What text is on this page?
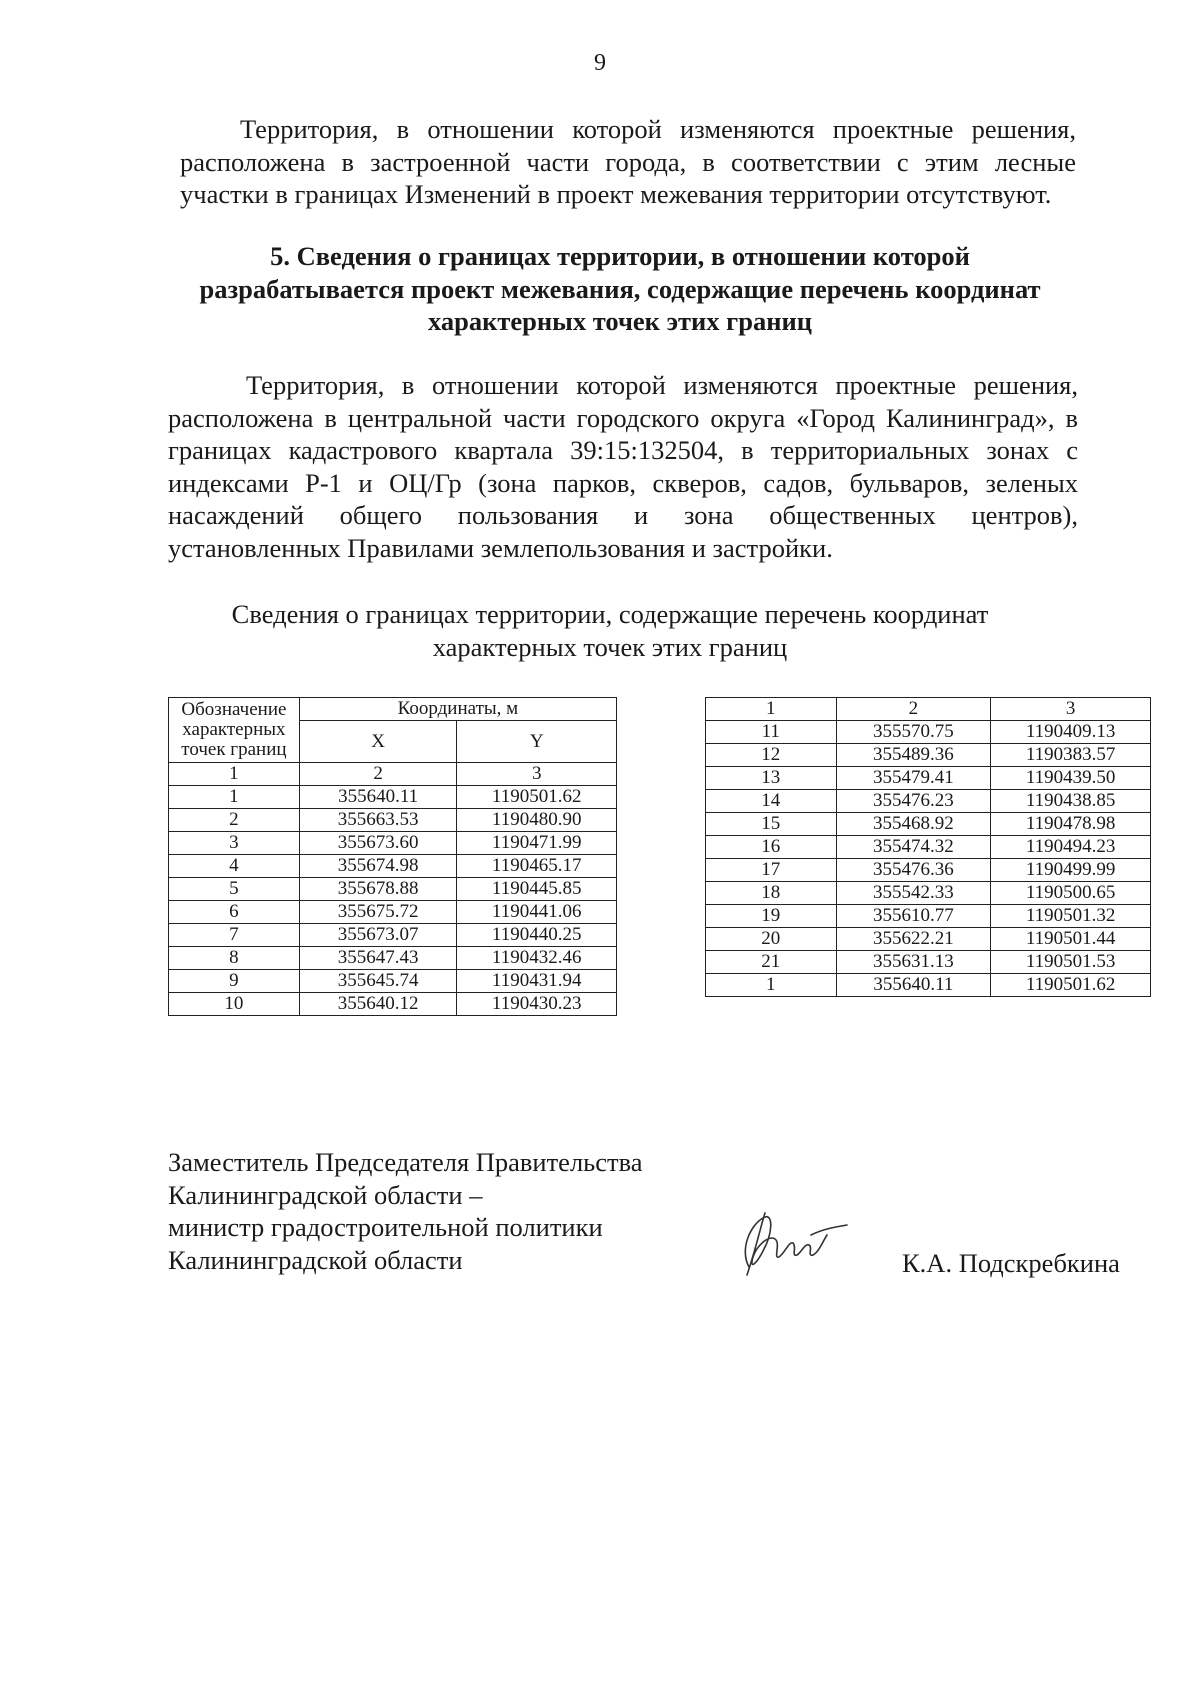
9

Территория, в отношении которой изменяются проектные решения, расположена в застроенной части города, в соответствии с этим лесные участки в границах Изменений в проект межевания территории отсутствуют.

5. Сведения о границах территории, в отношении которой разрабатывается проект межевания, содержащие перечень координат характерных точек этих границ

Территория, в отношении которой изменяются проектные решения, расположена в центральной части городского округа «Город Калининград», в границах кадастрового квартала 39:15:132504, в территориальных зонах с индексами Р-1 и ОЦ/Гр (зона парков, скверов, садов, бульваров, зеленых насаждений общего пользования и зона общественных центров), установленных Правилами землепользования и застройки.

Сведения о границах территории, содержащие перечень координат характерных точек этих границ

Обозначение характерных точек границ	Координаты, м	
	X	Y
1	2	3
1	355640.11	1190501.62
2	355663.53	1190480.90
3	355673.60	1190471.99
4	355674.98	1190465.17
5	355678.88	1190445.85
6	355675.72	1190441.06
7	355673.07	1190440.25
8	355647.43	1190432.46
9	355645.74	1190431.94
10	355640.12	1190430.23
1	2	3
11	355570.75	1190409.13
12	355489.36	1190383.57
13	355479.41	1190439.50
14	355476.23	1190438.85
15	355468.92	1190478.98
16	355474.32	1190494.23
17	355476.36	1190499.99
18	355542.33	1190500.65
19	355610.77	1190501.32
20	355622.21	1190501.44
21	355631.13	1190501.53
1	355640.11	1190501.62
Заместитель Председателя Правительства
Калининградской области –
министр градостроительной политики
Калининградской области	К.А. Подскребкина
